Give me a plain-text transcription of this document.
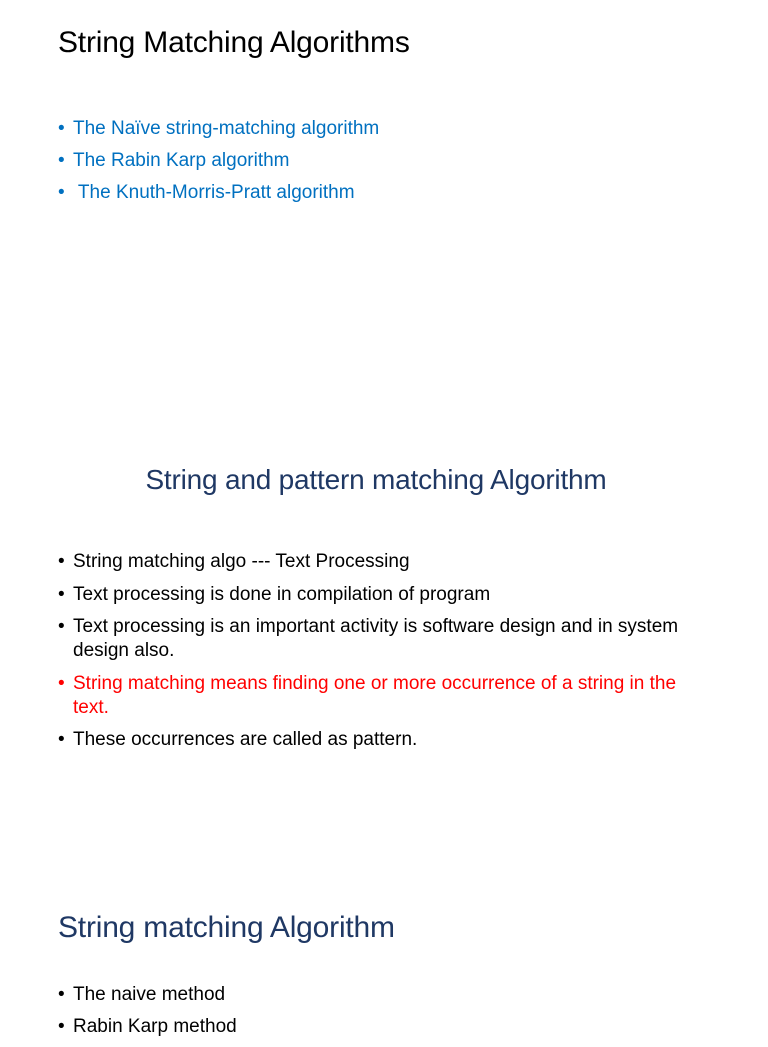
String Matching Algorithms
• The Naïve string-matching algorithm
• The Rabin Karp algorithm
• The Knuth-Morris-Pratt algorithm
String and pattern matching Algorithm
• String matching algo --- Text Processing
• Text processing is done in compilation of program
• Text processing is an important activity is software design and in system design also.
• String matching means finding one or more occurrence of a string in the text.
• These occurrences are called as pattern.
String matching Algorithm
• The naive method
• Rabin Karp method
